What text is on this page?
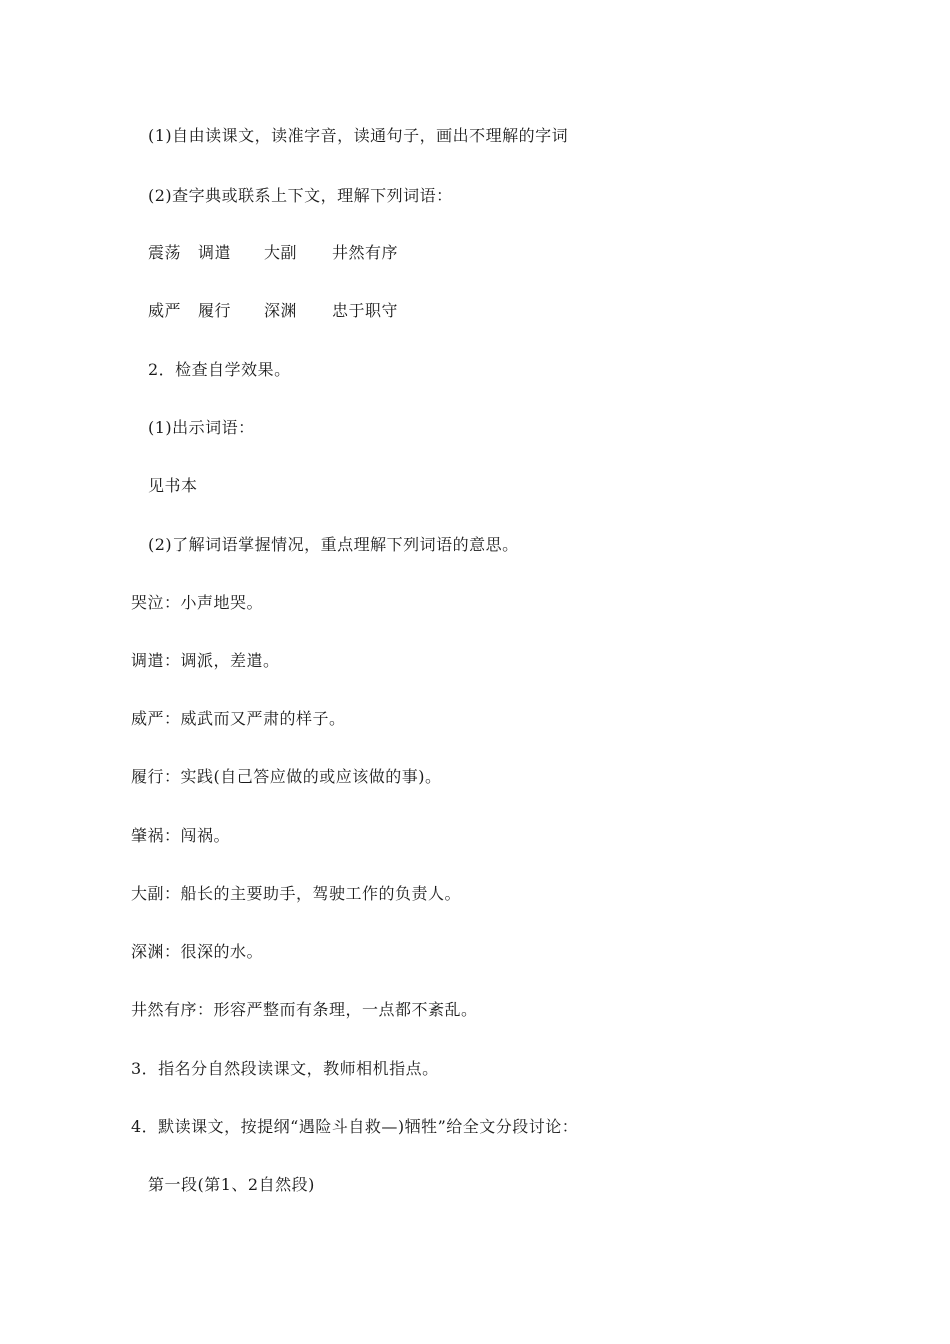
(1)自由读课文，读准字音，读通句子，画出不理解的字词
(2)查字典或联系上下文，理解下列词语：
震荡 调遣 大副 井然有序
威严 履行 深渊 忠于职守
2．检查自学效果。
(1)出示词语：
见书本
(2)了解词语掌握情况，重点理解下列词语的意思。
哭泣：小声地哭。
调遣：调派，差遣。
威严：威武而又严肃的样子。
履行：实践(自己答应做的或应该做的事)。
肇祸：闯祸。
大副：船长的主要助手，驾驶工作的负责人。
深渊：很深的水。
井然有序：形容严整而有条理，一点都不紊乱。
3．指名分自然段读课文，教师相机指点。
4．默读课文，按提纲“遇险斗自救—)牺牲”给全文分段讨论：
第一段(第1、2自然段)
